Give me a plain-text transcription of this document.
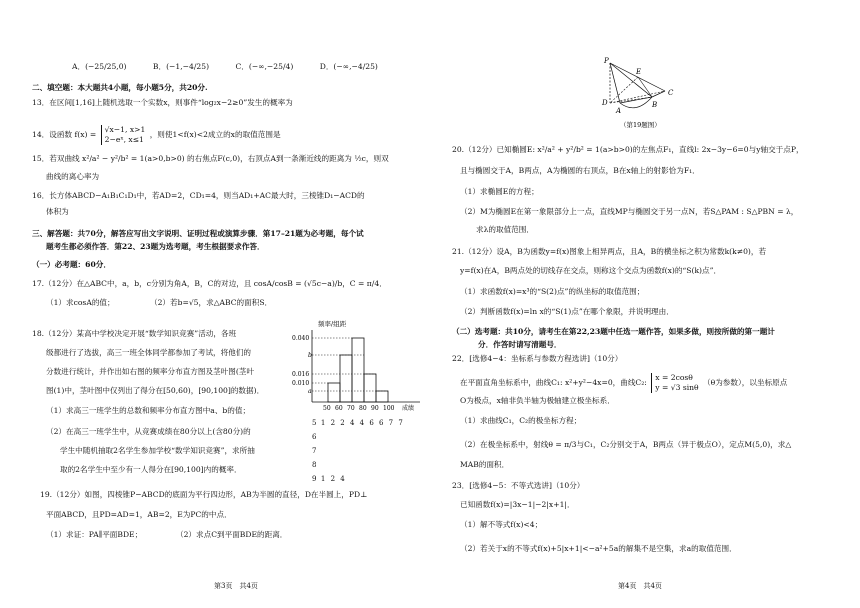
A．(−25/25,0)	B．(−1,−4/25)	C．(−∞,−25/4)	D．(−∞,−4/25)
二、填空题：本大题共4小题，每小题5分，共20分.
13．在区间[1,16]上随机选取一个实数x，则事件“log₂x−2≥0”发生的概率为
14．设函数 f(x) =
√x−1, x>1
2−eˣ, x≤1
，则使1<f(x)<2成立的x的取值范围是
15．若双曲线 x²/a² − y²/b² = 1(a>0,b>0) 的右焦点F(c,0)，右顶点A到一条渐近线的距离为 ½c，则双
曲线的离心率为
16．长方体ABCD−A₁B₁C₁D₁中，若AD=2，CD₁=4，则当AD₁+AC最大时，三棱锥D₁−ACD的
体积为
三、解答题：共70分，解答应写出文字说明、证明过程或演算步骤．第17–21题为必考题，每个试
题考生都必须作答．第22、23题为选考题，考生根据要求作答．
（一）必考题：60分．
17.（12分）在△ABC中，a，b，c分别为角A，B，C的对边，且 cosA/cosB = (√5c−a)/b，C = π/4．
（1）求cosA的值；	（2）若b=√5，求△ABC的面积S．
18.（12分）某高中学校决定开展“数学知识竞赛”活动，各班
级都进行了选拔，高三一班全体同学都参加了考试，将他们的
分数进行统计，并作出如右图的频率分布直方图及茎叶图(茎叶
图(1)中，茎叶图中仅列出了得分在[50,60)，[90,100]的数据)．
（1）求高三一班学生的总数和频率分布直方图中a、b的值；
（2）在高三一班学生中，从竞赛成绩在80分以上(含80分)的
学生中随机抽取2名学生参加学校“数学知识竞赛”，求所抽
取的2名学生中至少有一人得分在[90,100]内的概率．
频率/组距
0.040
b
0.016
0.010
a
50 60 70 80 90 100 成绩
5 1 2 2 4 4 6 6 7 7
6
7
8
9 1 2 4
19.（12分）如图，四棱锥P−ABCD的底面为平行四边形，AB为半圆的直径，D在半圆上，PD⊥
平面ABCD，且PD=AD=1，AB=2，E为PC的中点．
（1）求证：PA∥平面BDE；	（2）求点C到平面BDE的距离．
第3页　共4页
P
E
D
A
B
C
（第19题图）
20.（12分）已知椭圆E: x²/a² + y²/b² = 1(a>b>0)的左焦点F₁，直线l: 2x−3y−6=0与y轴交于点P，
且与椭圆交于A，B两点，A为椭圆的右顶点，B在x轴上的射影恰为F₁．
（1）求椭圆E的方程；
（2）M为椭圆E在第一象限部分上一点，直线MP与椭圆交于另一点N，若S△PAM : S△PBN = λ，
求λ的取值范围．
21.（12分）设A，B为函数y=f(x)图象上相异两点，且A，B的横坐标之积为常数k(k≠0)，若
y=f(x)在A，B两点处的切线存在交点，则称这个交点为函数f(x)的“S(k)点”．
（1）求函数f(x)=x³的“S(2)点”的纵坐标的取值范围；
（2）判断函数f(x)=ln x的“S(1)点”在哪个象限，并说明理由．
（二）选考题：共10分，请考生在第22,23题中任选一题作答，如果多做，则按所做的第一题计
分．作答时请写清题号．
22．[选修4−4：坐标系与参数方程选讲]（10分）
在平面直角坐标系中，曲线C₁: x²+y²−4x=0，曲线C₂:
x = 2cosθ
y = √3 sinθ
（θ为参数），以坐标原点
O为极点，x轴非负半轴为极轴建立极坐标系．
（1）求曲线C₁，C₂的极坐标方程；
（2）在极坐标系中，射线θ = π/3与C₁，C₂分别交于A，B两点（异于极点O），定点M(5,0)，求△
MAB的面积．
23．[选修4−5：不等式选讲]（10分）
已知函数f(x)=|3x−1|−2|x+1|．
（1）解不等式f(x)<4；
（2）若关于x的不等式f(x)+5|x+1|<−a²+5a的解集不是空集，求a的取值范围．
第4页　共4页
